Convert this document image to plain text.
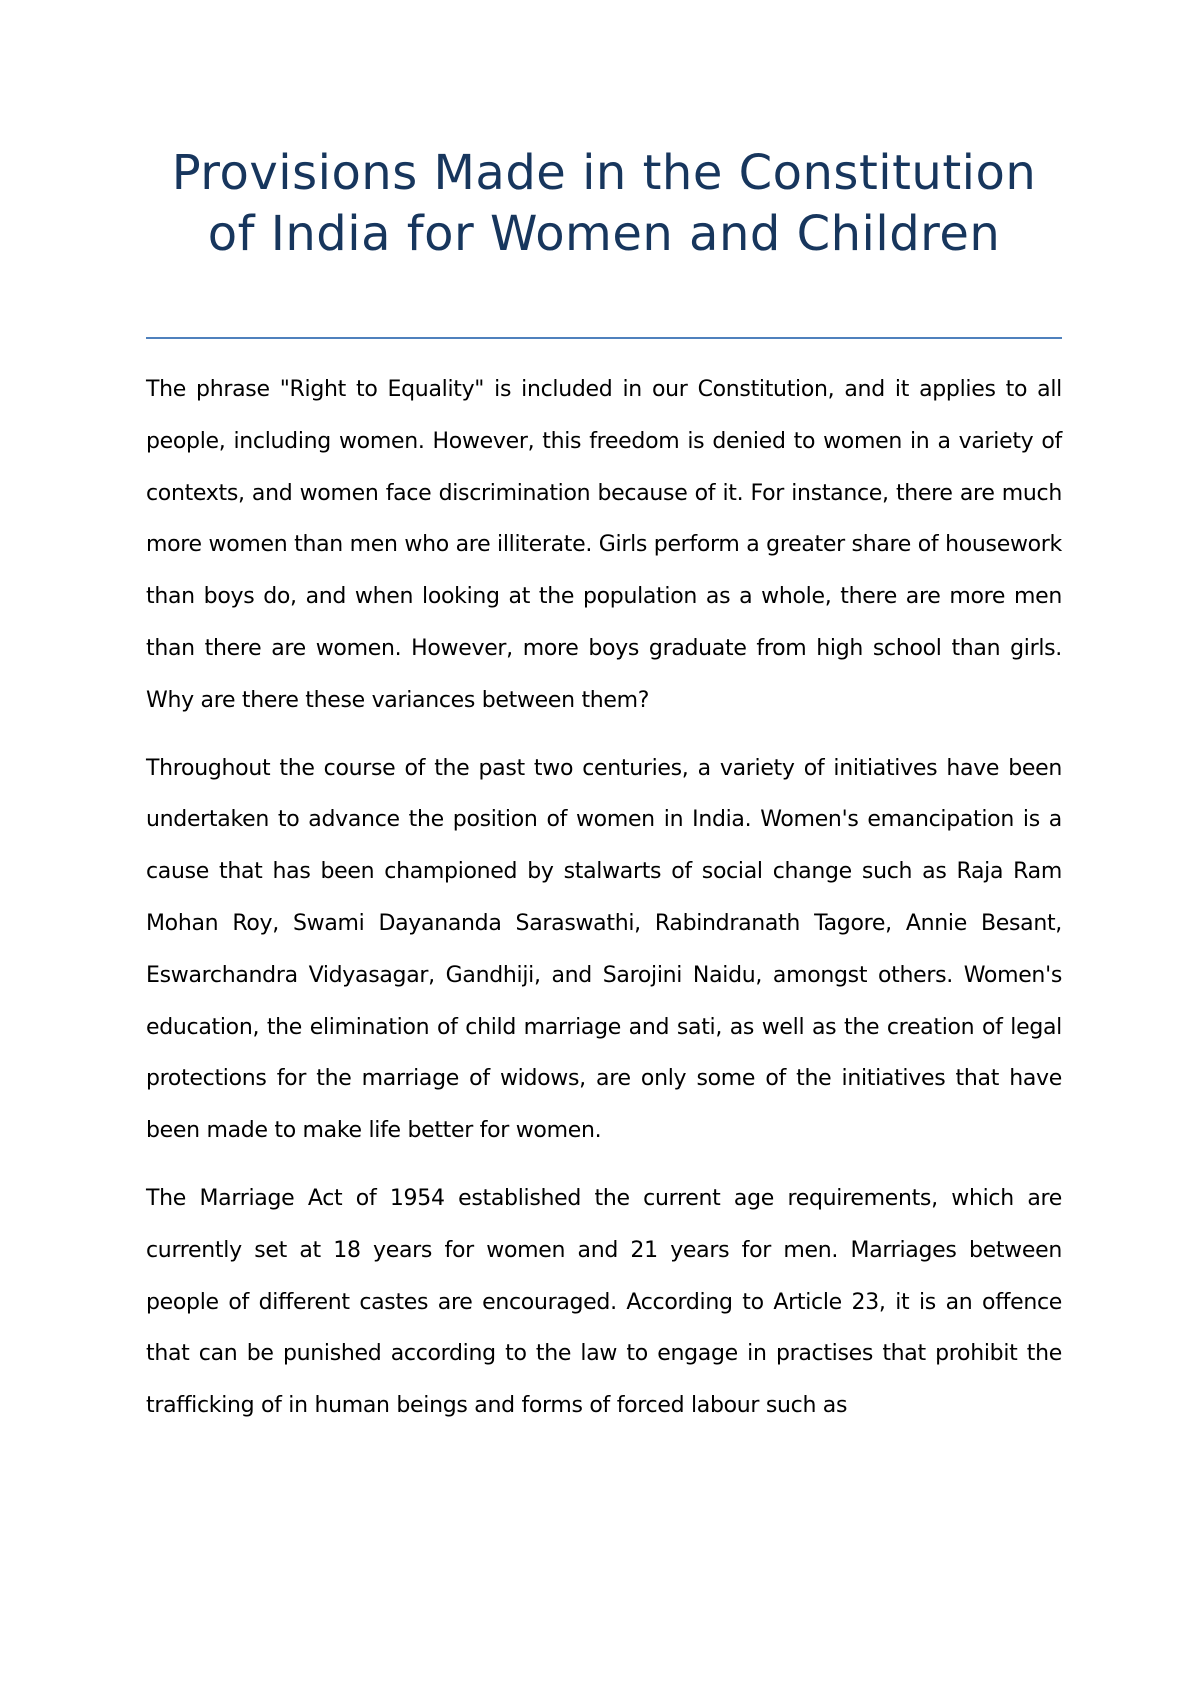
Provisions Made in the Constitution of India for Women and Children

The phrase "Right to Equality" is included in our Constitution, and it applies to all people, including women. However, this freedom is denied to women in a variety of contexts, and women face discrimination because of it. For instance, there are much more women than men who are illiterate. Girls perform a greater share of housework than boys do, and when looking at the population as a whole, there are more men than there are women. However, more boys graduate from high school than girls. Why are there these variances between them?

Throughout the course of the past two centuries, a variety of initiatives have been undertaken to advance the position of women in India. Women's emancipation is a cause that has been championed by stalwarts of social change such as Raja Ram Mohan Roy, Swami Dayananda Saraswathi, Rabindranath Tagore, Annie Besant, Eswarchandra Vidyasagar, Gandhiji, and Sarojini Naidu, amongst others. Women's education, the elimination of child marriage and sati, as well as the creation of legal protections for the marriage of widows, are only some of the initiatives that have been made to make life better for women.

The Marriage Act of 1954 established the current age requirements, which are currently set at 18 years for women and 21 years for men. Marriages between people of different castes are encouraged. According to Article 23, it is an offence that can be punished according to the law to engage in practises that prohibit the trafficking of in human beings and forms of forced labour such as
